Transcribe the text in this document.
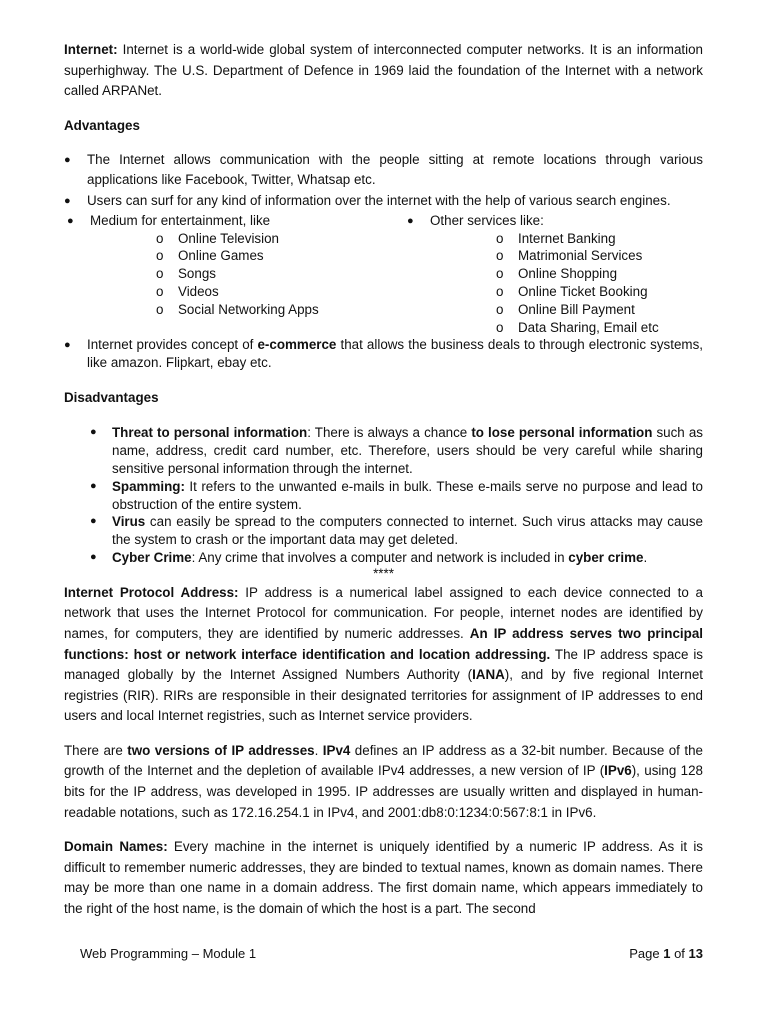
Internet: Internet is a world-wide global system of interconnected computer networks. It is an information superhighway. The U.S. Department of Defence in 1969 laid the foundation of the Internet with a network called ARPANet.

Advantages
● The Internet allows communication with the people sitting at remote locations through various applications like Facebook, Twitter, Whatsap etc.
● Users can surf for any kind of information over the internet with the help of various search engines.
● Medium for entertainment, like
o Online Television
o Online Games
o Songs
o Videos
o Social Networking Apps
● Other services like:
o Internet Banking
o Matrimonial Services
o Online Shopping
o Online Ticket Booking
o Online Bill Payment
o Data Sharing, Email etc
● Internet provides concept of e-commerce that allows the business deals to through electronic systems, like amazon. Flipkart, ebay etc.
Disadvantages
● Threat to personal information: There is always a chance to lose personal information such as name, address, credit card number, etc. Therefore, users should be very careful while sharing sensitive personal information through the internet.
● Spamming: It refers to the unwanted e-mails in bulk. These e-mails serve no purpose and lead to obstruction of the entire system.
● Virus can easily be spread to the computers connected to internet. Such virus attacks may cause the system to crash or the important data may get deleted.
● Cyber Crime: Any crime that involves a computer and network is included in cyber crime.
****

Internet Protocol Address: IP address is a numerical label assigned to each device connected to a network that uses the Internet Protocol for communication. For people, internet nodes are identified by names, for computers, they are identified by numeric addresses. An IP address serves two principal functions: host or network interface identification and location addressing. The IP address space is managed globally by the Internet Assigned Numbers Authority (IANA), and by five regional Internet registries (RIR). RIRs are responsible in their designated territories for assignment of IP addresses to end users and local Internet registries, such as Internet service providers.

There are two versions of IP addresses. IPv4 defines an IP address as a 32-bit number. Because of the growth of the Internet and the depletion of available IPv4 addresses, a new version of IP (IPv6), using 128 bits for the IP address, was developed in 1995. IP addresses are usually written and displayed in human-readable notations, such as 172.16.254.1 in IPv4, and 2001:db8:0:1234:0:567:8:1 in IPv6.

Domain Names: Every machine in the internet is uniquely identified by a numeric IP address. As it is difficult to remember numeric addresses, they are binded to textual names, known as domain names. There may be more than one name in a domain address. The first domain name, which appears immediately to the right of the host name, is the domain of which the host is a part. The second

Web Programming – Module 1	Page 1 of 13
